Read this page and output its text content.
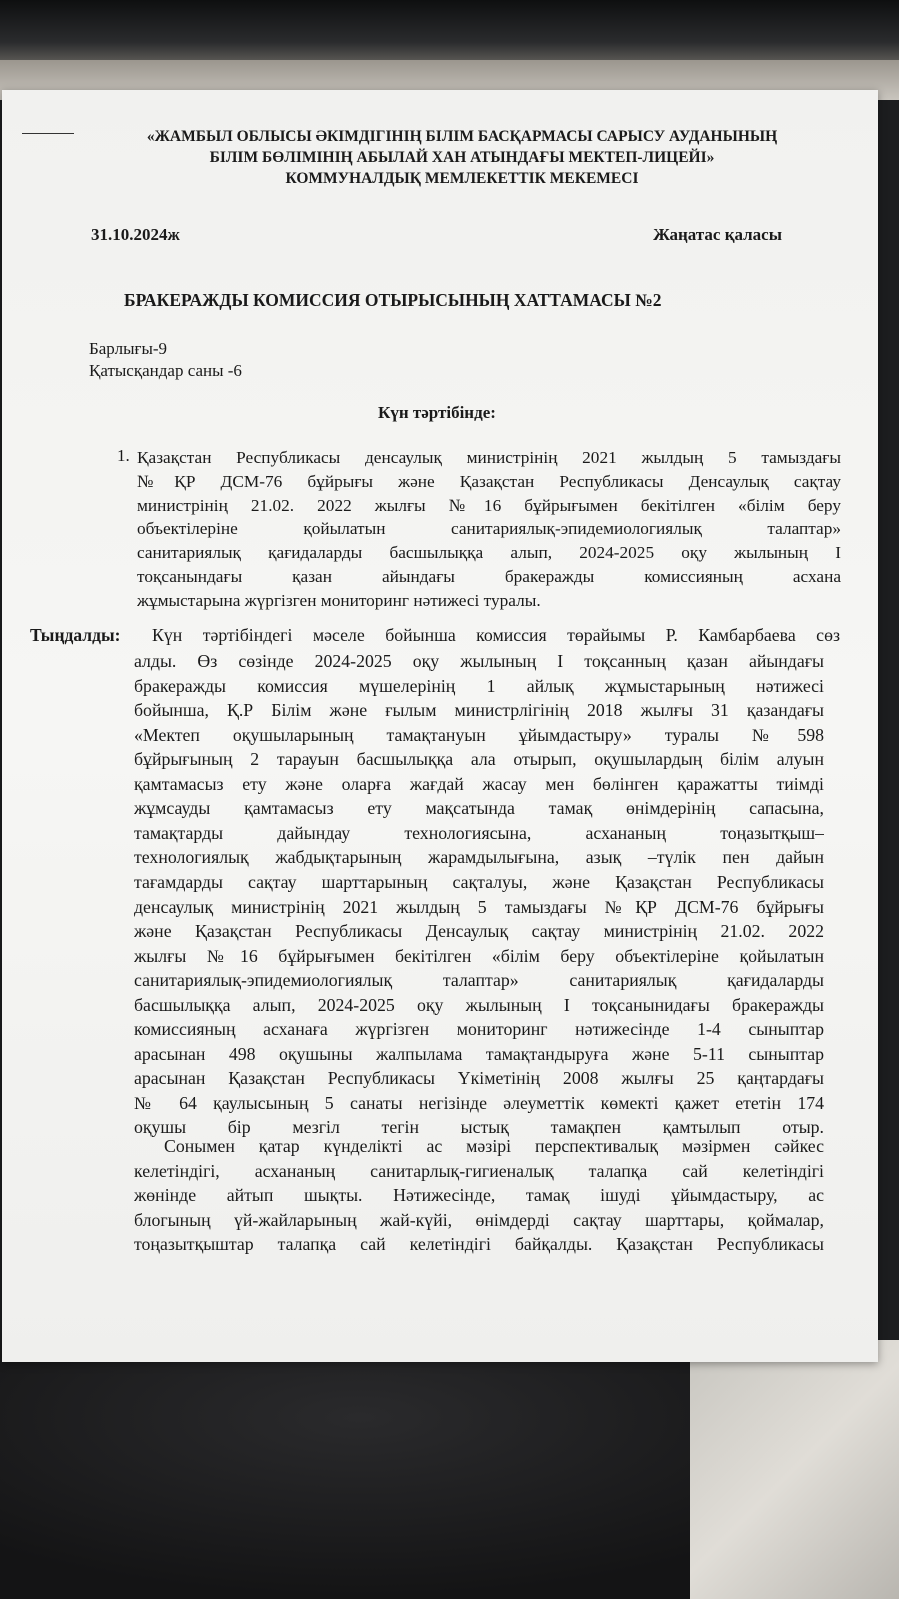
«ЖАМБЫЛ ОБЛЫСЫ ӘКІМДІГІНІҢ БІЛІМ БАСҚАРМАСЫ САРЫСУ АУДАНЫНЫҢ
БІЛІМ БӨЛІМІНІҢ АБЫЛАЙ ХАН АТЫНДАҒЫ МЕКТЕП-ЛИЦЕЙІ»
КОММУНАЛДЫҚ МЕМЛЕКЕТТІК МЕКЕМЕСІ
31.10.2024ж	Жаңатас қаласы
БРАКЕРАЖДЫ КОМИССИЯ ОТЫРЫСЫНЫҢ ХАТТАМАСЫ №2
Барлығы-9
Қатысқандар саны -6
Күн тәртібінде:
1. Қазақстан Республикасы денсаулық министрінің 2021 жылдың 5 тамыздағы
№ҚР ДСМ-76 бұйрығы және Қазақстан Республикасы Денсаулық сақтау
министрінің 21.02. 2022 жылғы №16 бұйрығымен бекітілген «білім беру
объектілеріне қойылатын санитариялық-эпидемиологиялық талаптар»
санитариялық қағидаларды басшылыққа алып, 2024-2025 оқу жылының І
тоқсанындағы қазан айындағы бракеражды комиссияның асхана
жұмыстарына жүргізген мониторинг нәтижесі туралы.
Тыңдалды: Күн тәртібіндегі мәселе бойынша комиссия төрайымы Р. Камбарбаева сөз
алды. Өз сөзінде 2024-2025 оқу жылының І тоқсанның қазан айындағы
бракеражды комиссия мүшелерінің 1 айлық жұмыстарының нәтижесі
бойынша, Қ.Р Білім және ғылым министрлігінің 2018 жылғы 31 қазандағы
«Мектеп оқушыларының тамақтануын ұйымдастыру» туралы №598
бұйрығының 2 тарауын басшылыққа ала отырып, оқушылардың білім алуын
қамтамасыз ету және оларға жағдай жасау мен бөлінген қаражатты тиімді
жұмсауды қамтамасыз ету мақсатында тамақ өнімдерінің сапасына,
тамақтарды дайындау технологиясына, асхананың тоңазытқыш–
технологиялық жабдықтарының жарамдылығына, азық –түлік пен дайын
тағамдарды сақтау шарттарының сақталуы, және Қазақстан Республикасы
денсаулық министрінің 2021 жылдың 5 тамыздағы №ҚР ДСМ-76 бұйрығы
және Қазақстан Республикасы Денсаулық сақтау министрінің 21.02. 2022
жылғы №16 бұйрығымен бекітілген «білім беру объектілеріне қойылатын
санитариялық-эпидемиологиялық талаптар» санитариялық қағидаларды
басшылыққа алып, 2024-2025 оқу жылының І тоқсанынидағы бракеражды
комиссияның асханаға жүргізген мониторинг нәтижесінде 1-4 сыныптар
арасынан 498 оқушыны жалпылама тамақтандыруға және 5-11 сыныптар
арасынан Қазақстан Республикасы Үкіметінің 2008 жылғы 25 қаңтардағы
№ 64 қаулысының 5 санаты негізінде әлеуметтік көмекті қажет ететін 174
оқушы бір мезгіл тегін ыстық тамақпен қамтылып отыр.
Сонымен қатар күнделікті ас мәзірі перспективалық мәзірмен сәйкес
келетіндігі, асхананың санитарлық-гигиеналық талапқа сай келетіндігі
жөнінде айтып шықты. Нәтижесінде, тамақ ішуді ұйымдастыру, ас
блогының үй-жайларының жай-күйі, өнімдерді сақтау шарттары, қоймалар,
тоңазытқыштар талапқа сай келетіндігі байқалды. Қазақстан Республикасы
